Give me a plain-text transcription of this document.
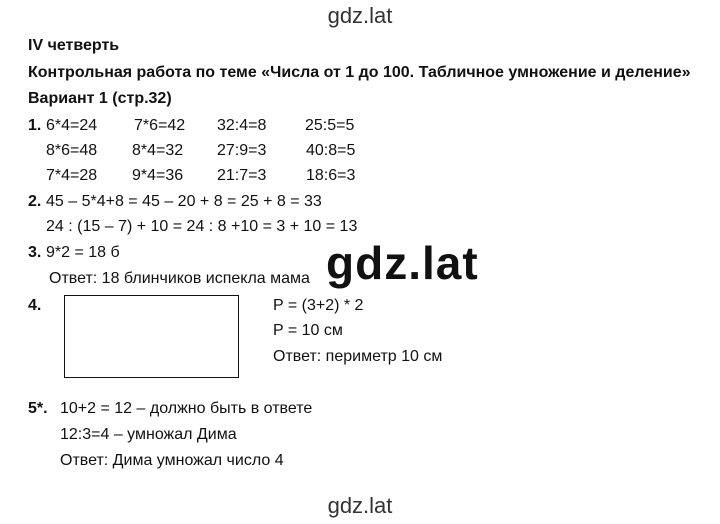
gdz.lat
IV четверть
Контрольная работа по теме «Числа от 1 до 100. Табличное умножение и деление»
Вариант 1 (стр.32)
1. 6*4=24 7*6=42 32:4=8 25:5=5
8*6=48 8*4=32 27:9=3 40:8=5
7*4=28 9*4=36 21:7=3 18:6=3
2. 45 – 5*4+8 = 45 – 20 + 8 = 25 + 8 = 33
24 : (15 – 7) + 10 = 24 : 8 +10 = 3 + 10 = 13
3. 9*2 = 18 б
Ответ: 18 блинчиков испекла мама gdz.lat
4.	P = (3+2) * 2
P = 10 см
Ответ: периметр 10 см
5*. 10+2 = 12 – должно быть в ответе
12:3=4 – умножал Дима
Ответ: Дима умножал число 4
gdz.lat
